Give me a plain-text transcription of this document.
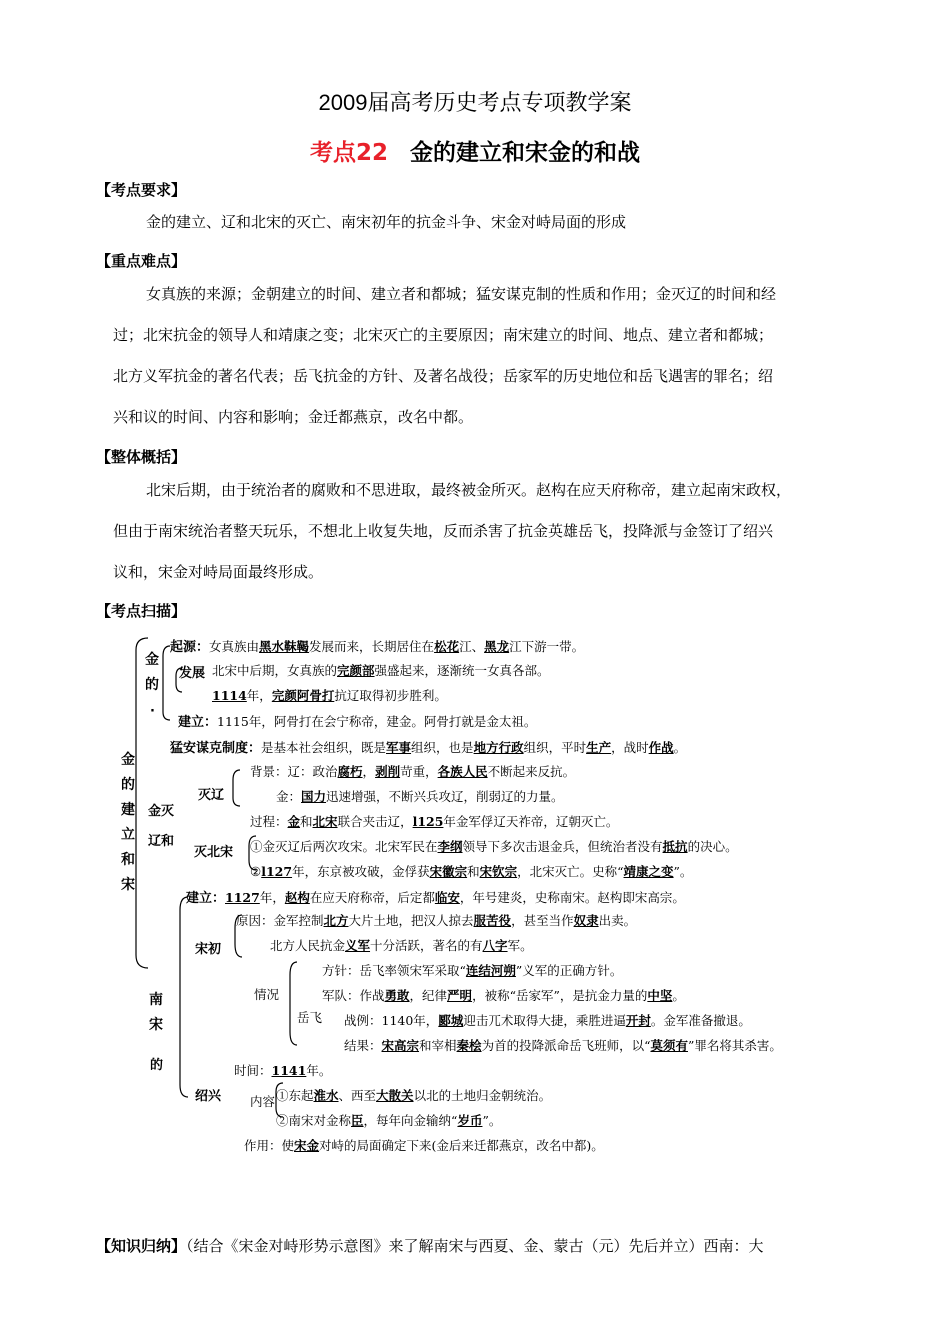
2009届高考历史考点专项教学案
考点22 金的建立和宋金的和战
【考点要求】
金的建立、辽和北宋的灭亡、南宋初年的抗金斗争、宋金对峙局面的形成
【重点难点】
女真族的来源；金朝建立的时间、建立者和都城；猛安谋克制的性质和作用；金灭辽的时间和经
过；北宋抗金的领导人和靖康之变；北宋灭亡的主要原因；南宋建立的时间、地点、建立者和都城；
北方义军抗金的著名代表；岳飞抗金的方针、及著名战役；岳家军的历史地位和岳飞遇害的罪名；绍
兴和议的时间、内容和影响；金迁都燕京，改名中都。
【整体概括】
北宋后期，由于统治者的腐败和不思进取，最终被金所灭。赵构在应天府称帝，建立起南宋政权，
但由于南宋统治者整天玩乐，不想北上收复失地，反而杀害了抗金英雄岳飞，投降派与金签订了绍兴
议和，宋金对峙局面最终形成。
【考点扫描】
金的建立和宋
金的
·
起源：女真族由黑水靺鞨发展而来，长期居住在松花江、黑龙江下游一带。
发展 北宋中后期，女真族的完颜部强盛起来，逐渐统一女真各部。
1114年，完颜阿骨打抗辽取得初步胜利。
建立：1115年，阿骨打在会宁称帝，建金。阿骨打就是金太祖。
猛安谋克制度：是基本社会组织，既是军事组织，也是地方行政组织，平时生产，战时作战。
金灭
辽和
灭辽
背景：辽：政治腐朽，剥削苛重，各族人民不断起来反抗。
金：国力迅速增强，不断兴兵攻辽，削弱辽的力量。
过程：金和北宋联合夹击辽，l125年金军俘辽天祚帝，辽朝灭亡。
灭北宋 ①金灭辽后两次攻宋。北宋军民在李纲领导下多次击退金兵，但统治者没有抵抗的决心。
②l127年，东京被攻破，金俘获宋徽宗和宋钦宗，北宋灭亡。史称“靖康之变”。
南宋
的
建立：1127年，赵构在应天府称帝，后定都临安，年号建炎，史称南宋。赵构即宋高宗。
宋初
原因：金军控制北方大片土地，把汉人掠去服苦役，甚至当作奴隶出卖。
北方人民抗金义军十分活跃，著名的有八字军。
情况
岳飞
方针：岳飞率领宋军采取“连结河朔”义军的正确方针。
军队：作战勇敢，纪律严明，被称“岳家军”，是抗金力量的中坚。
战例：1140年，郾城迎击兀术取得大捷，乘胜进逼开封。金军准备撤退。
结果：宋高宗和宰相秦桧为首的投降派命岳飞班师，以“莫须有”罪名将其杀害。
绍兴
时间：1141年。
内容 ①东起淮水、西至大散关以北的土地归金朝统治。
②南宋对金称臣，每年向金输纳“岁币”。
作用：使宋金对峙的局面确定下来(金后来迁都燕京，改名中都)。
【知识归纳】（结合《宋金对峙形势示意图》来了解南宋与西夏、金、蒙古（元）先后并立）西南：大
